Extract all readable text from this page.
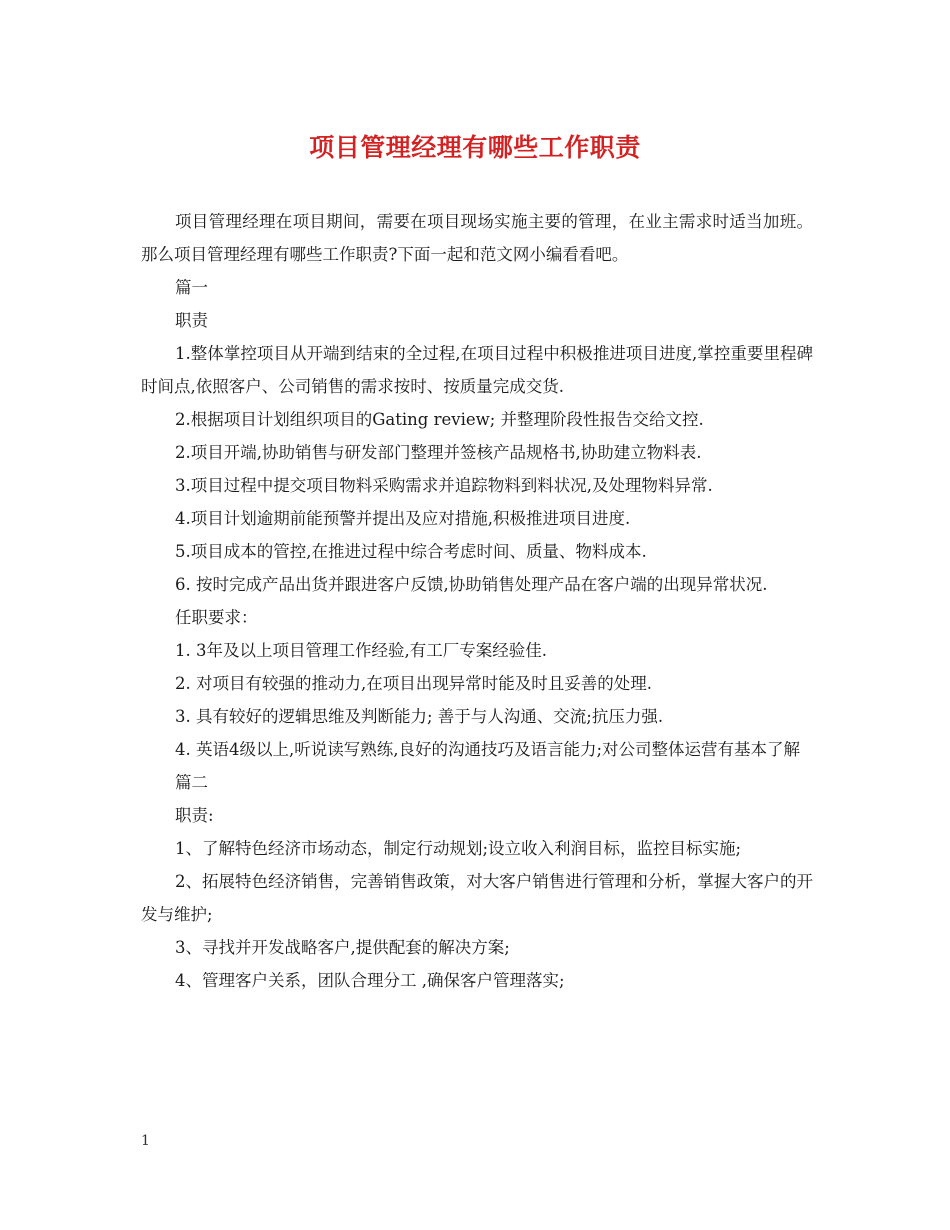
项目管理经理有哪些工作职责

项目管理经理在项目期间，需要在项目现场实施主要的管理，在业主需求时适当加班。那么项目管理经理有哪些工作职责?下面一起和范文网小编看看吧。

篇一

职责

1.整体掌控项目从开端到结束的全过程,在项目过程中积极推进项目进度,掌控重要里程碑时间点,依照客户、公司销售的需求按时、按质量完成交货.

2.根据项目计划组织项目的Gating review; 并整理阶段性报告交给文控.

2.项目开端,协助销售与研发部门整理并签核产品规格书,协助建立物料表.

3.项目过程中提交项目物料采购需求并追踪物料到料状况,及处理物料异常.

4.项目计划逾期前能预警并提出及应对措施,积极推进项目进度.

5.项目成本的管控,在推进过程中综合考虑时间、质量、物料成本.

6. 按时完成产品出货并跟进客户反馈,协助销售处理产品在客户端的出现异常状况.

任职要求：

1. 3年及以上项目管理工作经验,有工厂专案经验佳.

2. 对项目有较强的推动力,在项目出现异常时能及时且妥善的处理.

3. 具有较好的逻辑思维及判断能力; 善于与人沟通、交流;抗压力强.

4. 英语4级以上,听说读写熟练,良好的沟通技巧及语言能力;对公司整体运营有基本了解

篇二

职责:

1、了解特色经济市场动态，制定行动规划;设立收入利润目标，监控目标实施;

2、拓展特色经济销售，完善销售政策，对大客户销售进行管理和分析，掌握大客户的开发与维护;

3、寻找并开发战略客户,提供配套的解决方案;

4、管理客户关系，团队合理分工 ,确保客户管理落实;

1
